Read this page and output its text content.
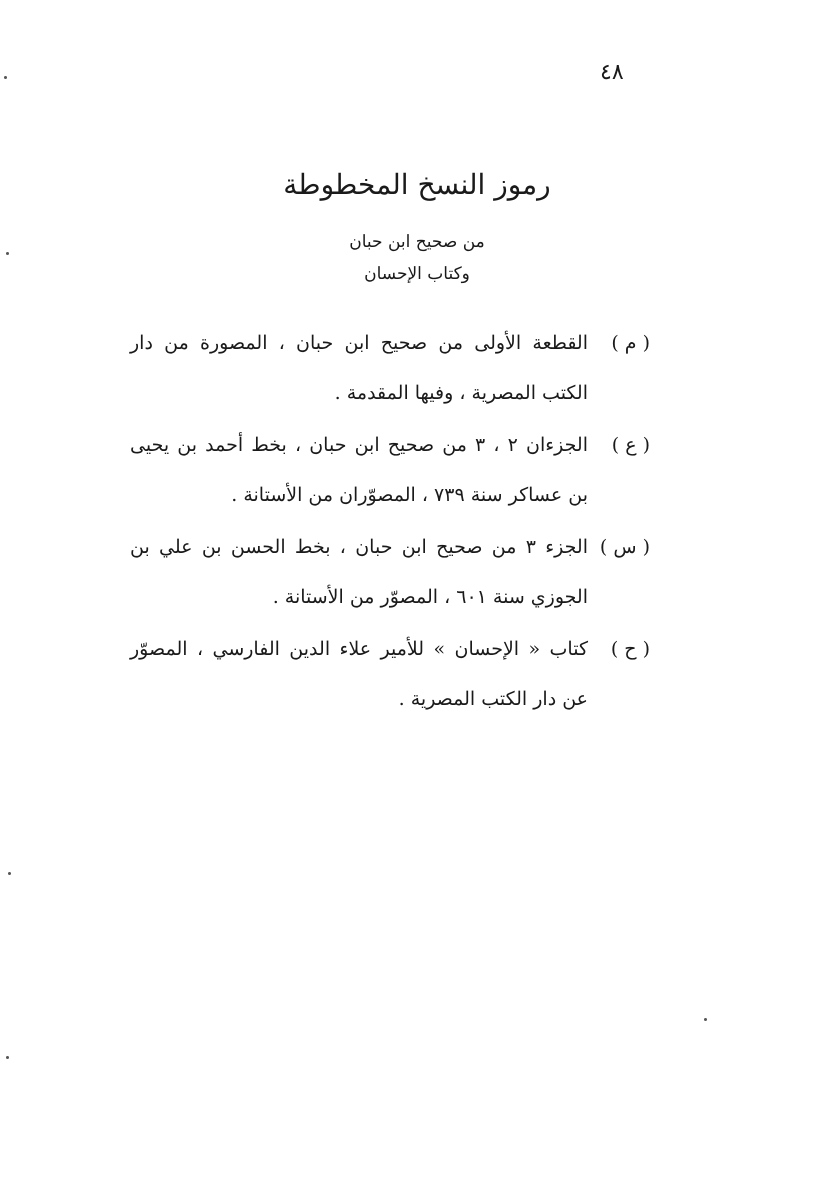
٤٨
رموز النسخ المخطوطة
من صحيح ابن حبان
وكتاب الإحسان
( م )
القطعة الأولى من صحيح ابن حبان ، المصورة من دار الكتب المصرية ، وفيها المقدمة .
( ع )
الجزءان ٢ ، ٣ من صحيح ابن حبان ، بخط أحمد بن يحيى بن عساكر سنة ٧٣٩ ، المصوّران من الأستانة .
( س )
الجزء ٣ من صحيح ابن حبان ، بخط الحسن بن علي بن الجوزي سنة ٦٠١ ، المصوّر من الأستانة .
( ح )
كتاب « الإحسان » للأمير علاء الدين الفارسي ، المصوّر عن دار الكتب المصرية .
